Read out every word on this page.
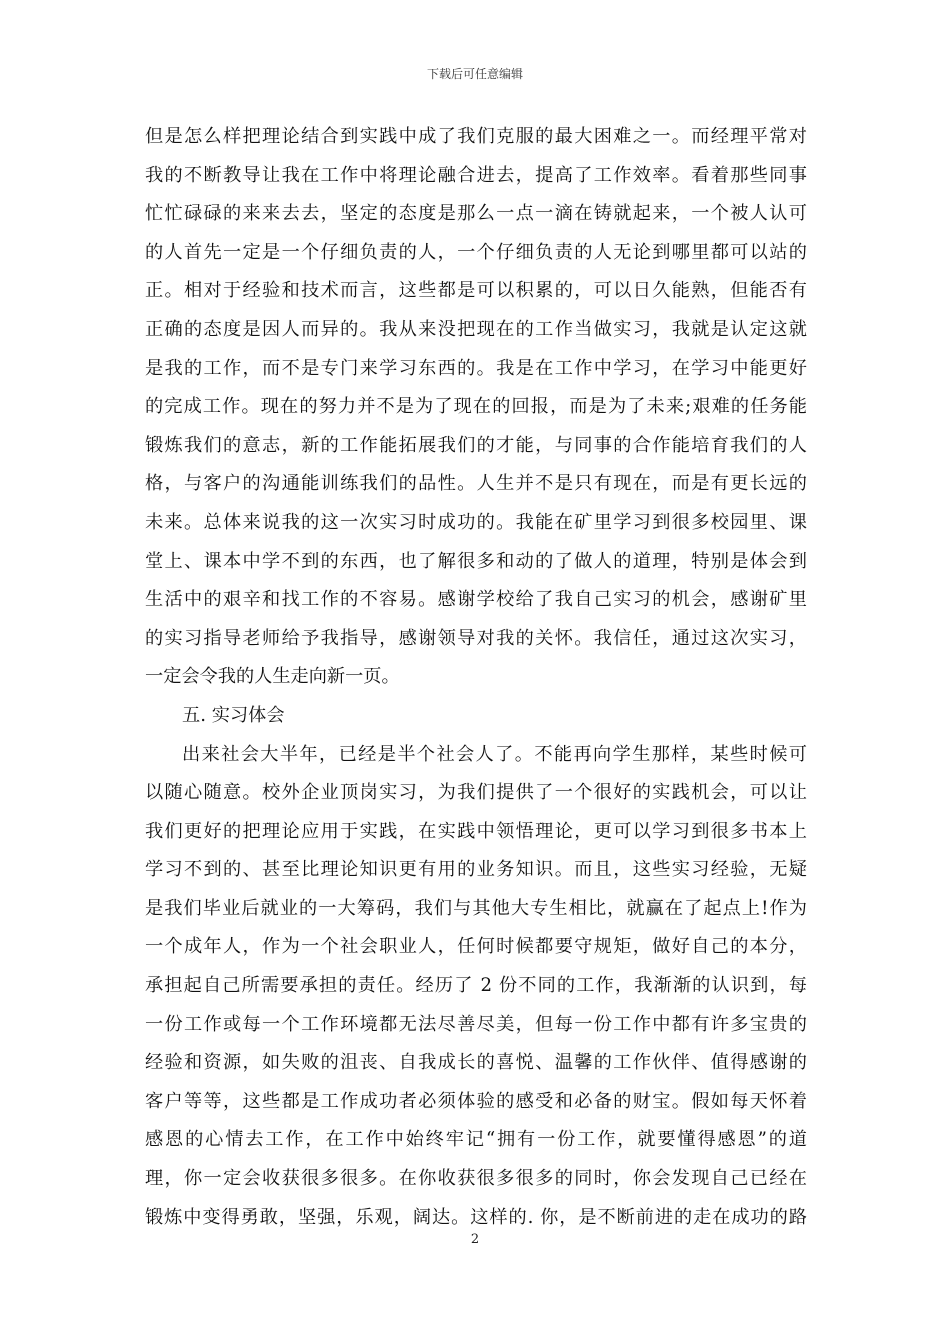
下载后可任意编辑
但是怎么样把理论结合到实践中成了我们克服的最大困难之一。而经理平常对
我的不断教导让我在工作中将理论融合进去，提高了工作效率。看着那些同事
忙忙碌碌的来来去去，坚定的态度是那么一点一滴在铸就起来，一个被人认可
的人首先一定是一个仔细负责的人，一个仔细负责的人无论到哪里都可以站的
正。相对于经验和技术而言，这些都是可以积累的，可以日久能熟，但能否有
正确的态度是因人而异的。我从来没把现在的工作当做实习，我就是认定这就
是我的工作，而不是专门来学习东西的。我是在工作中学习，在学习中能更好
的完成工作。现在的努力并不是为了现在的回报，而是为了未来;艰难的任务能
锻炼我们的意志，新的工作能拓展我们的才能，与同事的合作能培育我们的人
格，与客户的沟通能训练我们的品性。人生并不是只有现在，而是有更长远的
未来。总体来说我的这一次实习时成功的。我能在矿里学习到很多校园里、课
堂上、课本中学不到的东西，也了解很多和动的了做人的道理，特别是体会到
生活中的艰辛和找工作的不容易。感谢学校给了我自己实习的机会，感谢矿里
的实习指导老师给予我指导，感谢领导对我的关怀。我信任，通过这次实习，
一定会令我的人生走向新一页。
五. 实习体会
出来社会大半年，已经是半个社会人了。不能再向学生那样，某些时候可
以随心随意。校外企业顶岗实习，为我们提供了一个很好的实践机会，可以让
我们更好的把理论应用于实践，在实践中领悟理论，更可以学习到很多书本上
学习不到的、甚至比理论知识更有用的业务知识。而且，这些实习经验，无疑
是我们毕业后就业的一大筹码，我们与其他大专生相比，就赢在了起点上!作为
一个成年人，作为一个社会职业人，任何时候都要守规矩，做好自己的本分，
承担起自己所需要承担的责任。经历了 2 份不同的工作，我渐渐的认识到，每
一份工作或每一个工作环境都无法尽善尽美，但每一份工作中都有许多宝贵的
经验和资源，如失败的沮丧、自我成长的喜悦、温馨的工作伙伴、值得感谢的
客户等等，这些都是工作成功者必须体验的感受和必备的财宝。假如每天怀着
感恩的心情去工作，在工作中始终牢记“拥有一份工作，就要懂得感恩”的道
理，你一定会收获很多很多。在你收获很多很多的同时，你会发现自己已经在
锻炼中变得勇敢，坚强，乐观，阔达。这样的. 你，是不断前进的走在成功的路
2
